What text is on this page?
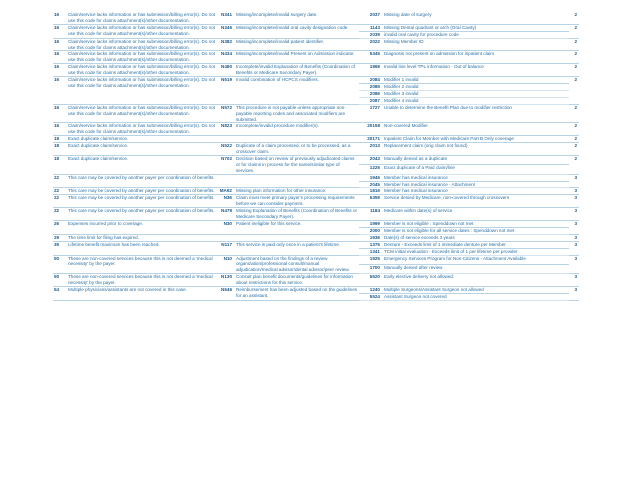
16	Claim/service lacks information or has submission/billing error(s). Do not use this code for claims attachment(s)/other documentation.	N341	Missing/incomplete/invalid surgery date.	2037	Missing date of surgery	2
16	Claim/service lacks information or has submission/billing error(s). Do not use this code for claims attachment(s)/other documentation.	N346	Missing/incomplete/invalid oral cavity designation code.	1143	Missing Dental quadrant or arch (Oral Cavity)	2
				2039	invalid oral cavity for procedure code	
16	Claim/service lacks information or has submission/billing error(s). Do not use this code for claims attachment(s)/other documentation.	N382	Missing/incomplete/invalid patient identifier.	2022	Missing Member ID	2
16	Claim/service lacks information or has submission/billing error(s). Do not use this code for claims attachment(s)/other documentation.	N434	Missing/incomplete/invalid Present on Admission indicator.	5345	Diagnosis not present on admission for inpatient claim	2
16	Claim/service lacks information or has submission/billing error(s). Do not use this code for claims attachment(s)/other documentation.	N480	Incomplete/invalid Explanation of Benefits (Coordination of Benefits or Medicare Secondary Payer).	1868	Invalid line level TPL information - Out of balance	2
16	Claim/service lacks information or has submission/billing error(s). Do not use this code for claims attachment(s)/other documentation.	N519	Invalid combination of HCPCS modifiers.	2084	Modifier 1 invalid	2
				2085	Modifier 2 invalid	
				2086	Modifier 3 invalid	
				2087	Modifier 4 invalid	
16	Claim/service lacks information or has submission/billing error(s). Do not use this code for claims attachment(s)/other documentation.	N572	This procedure is not payable unless appropriate non-payable reporting codes and associated modifiers are submitted.	1727	Unable to determine the Benefit Plan due to modifier restriction	2
16	Claim/service lacks information or has submission/billing error(s). Do not use this code for claims attachment(s)/other documentation.	N823	Incomplete/invalid procedure modifier(s).	20158	Non-covered Modifier	2
18	Exact duplicate claim/service.			20171	Inpatient Claim for Member with Medicare Part B Only coverage	2
18	Exact duplicate claim/service.	N522	Duplicate of a claim processed, or to be processed, as a crossover claim.	2013	Replacement claim (orig claim not found)	2
18	Exact duplicate claim/service.	N702	Decision based on review of previously adjudicated claims or for claims in process for the same/similar type of services.	2043	Manually denied as a duplicate	2
				1225	Exact duplicate of a Paid claim/line	
22	This care may be covered by another payer per coordination of benefits.			1946	Member has medical insurance	3
				2045	Member has medical insurance - Attachment	
22	This care may be covered by another payer per coordination of benefits.	MA92	Missing plan information for other insurance.	1816	Member has medical insurance	3
22	This care may be covered by another payer per coordination of benefits.	N36	Claim must meet primary payer's processing requirements before we can consider payment.	5359	Service denied by Medicare, non-covered through crossovers	3
22	This care may be covered by another payer per coordination of benefits.	N479	Missing Explanation of Benefits (Coordination of Benefits or Medicare Secondary Payer).	1184	Medicare within date(s) of service	3
26	Expenses incurred prior to coverage.	N30	Patient ineligible for this service.	1999	Member is not eligible : Spenddown not met	3
				2000	Member is not eligible for all service dates : Spenddown not met	
29	The time limit for filing has expired.			1936	Date(s) of service exceeds 3 years	3
35	Lifetime benefit maximum has been reached.	N117	This service is paid only once in a patient's lifetime.	1375	Denture - Exceeds limit of 1 immediate denture per Member.	3
				1341	TCM initial evaluation - Exceeds limit of 1 per lifetime per provider	
50	These are non-covered services because this is not deemed a 'medical necessity' by the payer.	N10	Adjustment based on the findings of a review organization/professional consult/manual adjudication/medical advisor/dental advisor/peer review.	1925	Emergency Services Program for Non-Citizens - Attachment Available	3
				1700	Manually denied after review	
50	These are non-covered services because this is not deemed a 'medical necessity' by the payer.	N130	Consult plan benefit documents/guidelines for information about restrictions for this service.	5520	Early elective delivery not allowed.	3
54	Multiple physicians/assistants are not covered in this case.	N646	Reimbursement has been adjusted based on the guidelines for an assistant.	1240	Multiple Surgeons/Assistant Surgeon not allowed	3
				5524	Assistant Surgeon not covered	
